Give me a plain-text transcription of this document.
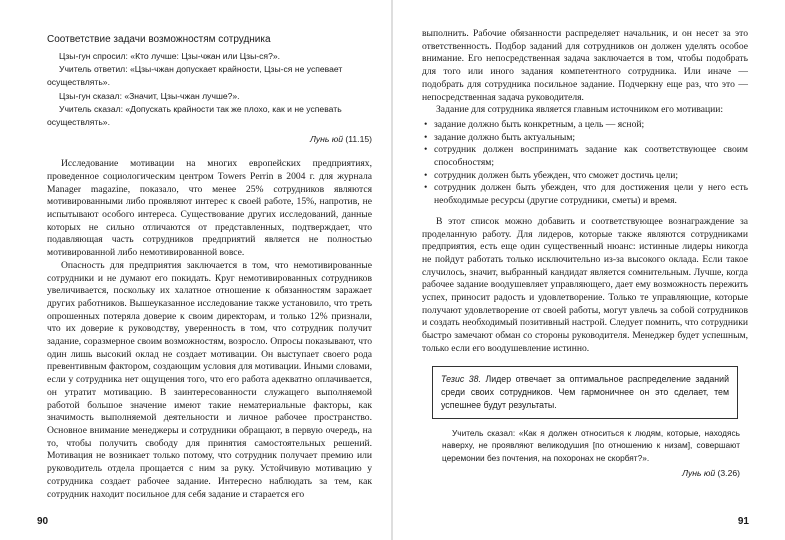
Соответствие задачи возможностям сотрудника

Цзы-гун спросил: «Кто лучше: Цзы-чжан или Цзы-ся?».

Учитель ответил: «Цзы-чжан допускает крайности, Цзы-ся не успевает осуществлять».

Цзы-гун сказал: «Значит, Цзы-чжан лучше?».

Учитель сказал: «Допускать крайности так же плохо, как и не успевать осуществлять».

Лунь юй (11.15)

Исследование мотивации на многих европейских предприятиях, проведенное социологическим центром Towers Perrin в 2004 г. для журнала Manager magazine, показало, что менее 25% сотрудников являются мотивированными либо проявляют интерес к своей работе, 15%, напротив, не испытывают особого интереса. Существование других исследований, данные которых не сильно отличаются от представленных, подтверждает, что подавляющая часть сотрудников предприятий является не полностью мотивированной либо немотивированной вовсе.

Опасность для предприятия заключается в том, что немотивированные сотрудники и не думают его покидать. Круг немотивированных сотрудников увеличивается, поскольку их халатное отношение к обязанностям заражает других работников. Вышеуказанное исследование также установило, что треть опрошенных потеряла доверие к своим директорам, и только 12% признали, что их доверие к руководству, уверенность в том, что сотрудник получит задание, соразмерное своим возможностям, возросло. Опросы показывают, что один лишь высокий оклад не создает мотивации. Он выступает своего рода превентивным фактором, создающим условия для мотивации. Иными словами, если у сотрудника нет ощущения того, что его работа адекватно оплачивается, он утратит мотивацию. В заинтересованности служащего выполняемой работой большое значение имеют такие нематериальные факторы, как значимость выполняемой деятельности и личное рабочее пространство. Основное внимание менеджеры и сотрудники обращают, в первую очередь, на то, чтобы получить свободу для принятия самостоятельных решений. Мотивация не возникает только потому, что сотрудник получает премию или руководитель отдела прощается с ним за руку. Устойчивую мотивацию у сотрудника создает рабочее задание. Интересно наблюдать за тем, как сотрудник находит посильное для себя задание и старается его

90

выполнить. Рабочие обязанности распределяет начальник, и он несет за это ответственность. Подбор заданий для сотрудников он должен уделять особое внимание. Его непосредственная задача заключается в том, чтобы подобрать для того или иного задания компетентного сотрудника. Или иначе — подобрать для сотрудника посильное задание. Подчеркну еще раз, что это — непосредственная задача руководителя.

Задание для сотрудника является главным источником его мотивации:

• задание должно быть конкретным, а цель — ясной;
• задание должно быть актуальным;
• сотрудник должен воспринимать задание как соответствующее своим способностям;
• сотрудник должен быть убежден, что сможет достичь цели;
• сотрудник должен быть убежден, что для достижения цели у него есть необходимые ресурсы (другие сотрудники, сметы) и время.

В этот список можно добавить и соответствующее вознаграждение за проделанную работу. Для лидеров, которые также являются сотрудниками предприятия, есть еще один существенный нюанс: истинные лидеры никогда не пойдут работать только исключительно из-за высокого оклада. Если такое случилось, значит, выбранный кандидат является сомнительным. Лучше, когда рабочее задание воодушевляет управляющего, дает ему возможность пережить успех, приносит радость и удовлетворение. Только те управляющие, которые получают удовлетворение от своей работы, могут увлечь за собой сотрудников и создать необходимый позитивный настрой. Следует помнить, что сотрудники быстро замечают обман со стороны руководителя. Менеджер будет успешным, только если его воодушевление истинно.

Тезис 38. Лидер отвечает за оптимальное распределение заданий среди своих сотрудников. Чем гармоничнее он это сделает, тем успешнее будут результаты.

Учитель сказал: «Как я должен относиться к людям, которые, находясь наверху, не проявляют великодушия [по отношению к низам], совершают церемонии без почтения, на похоронах не скорбят?».

Лунь юй (3.26)
91
